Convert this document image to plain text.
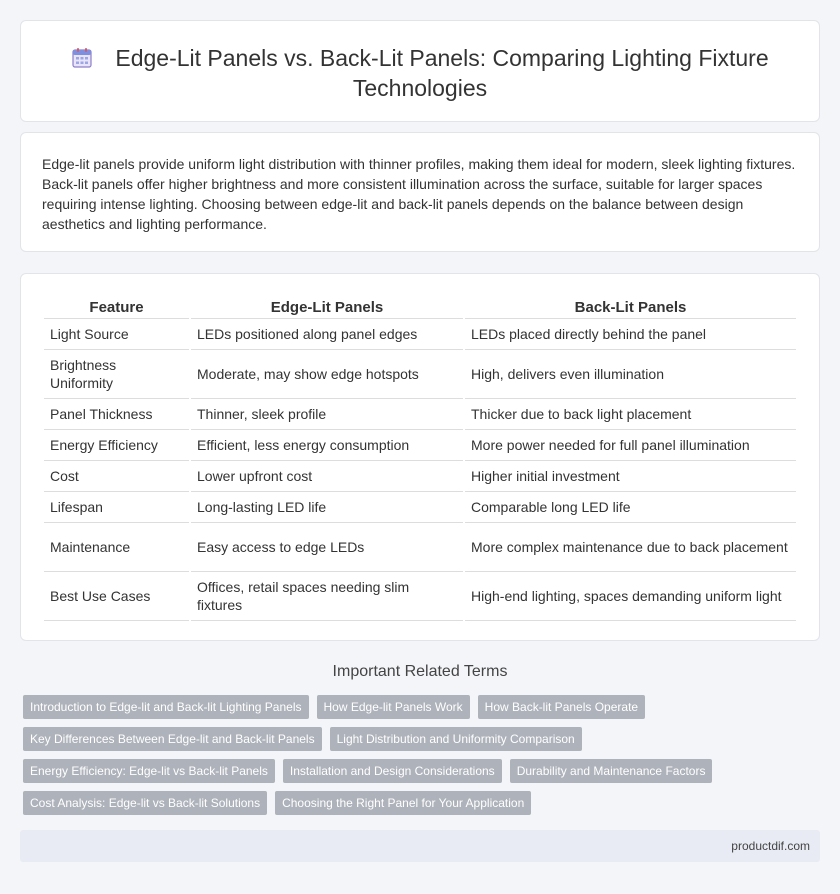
Edge-Lit Panels vs. Back-Lit Panels: Comparing Lighting Fixture Technologies

Edge-lit panels provide uniform light distribution with thinner profiles, making them ideal for modern, sleek lighting fixtures. Back-lit panels offer higher brightness and more consistent illumination across the surface, suitable for larger spaces requiring intense lighting. Choosing between edge-lit and back-lit panels depends on the balance between design aesthetics and lighting performance.

Feature	Edge-Lit Panels	Back-Lit Panels
Light Source	LEDs positioned along panel edges	LEDs placed directly behind the panel
Brightness Uniformity	Moderate, may show edge hotspots	High, delivers even illumination
Panel Thickness	Thinner, sleek profile	Thicker due to back light placement
Energy Efficiency	Efficient, less energy consumption	More power needed for full panel illumination
Cost	Lower upfront cost	Higher initial investment
Lifespan	Long-lasting LED life	Comparable long LED life
Maintenance	Easy access to edge LEDs	More complex maintenance due to back placement
Best Use Cases	Offices, retail spaces needing slim fixtures	High-end lighting, spaces demanding uniform light
Important Related Terms
Introduction to Edge-lit and Back-lit Lighting Panels	How Edge-lit Panels Work	How Back-lit Panels Operate
Key Differences Between Edge-lit and Back-lit Panels	Light Distribution and Uniformity Comparison
Energy Efficiency: Edge-lit vs Back-lit Panels	Installation and Design Considerations	Durability and Maintenance Factors
Cost Analysis: Edge-lit vs Back-lit Solutions	Choosing the Right Panel for Your Application
productdif.com
